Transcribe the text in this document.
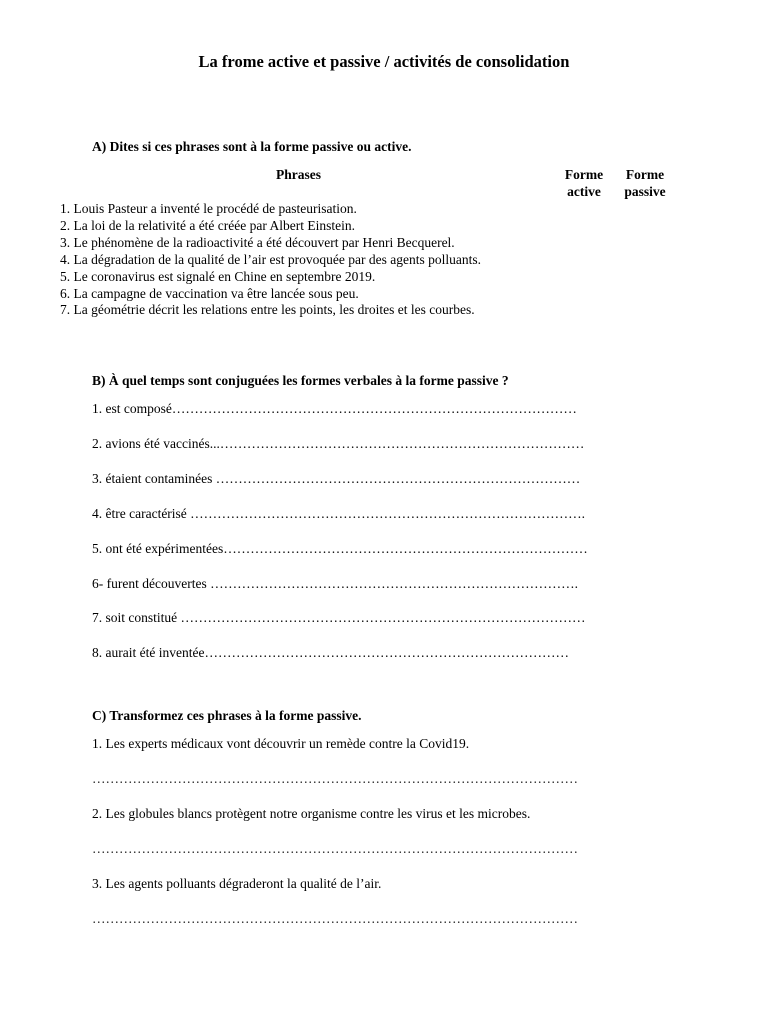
La frome active et passive / activités de consolidation
A) Dites si ces phrases sont à la forme passive ou active.
Phrases	Forme
active
Forme
passive
1. Louis Pasteur a inventé le procédé de pasteurisation.
2. La loi de la relativité a été créée par Albert Einstein.
3. Le phénomène de la radioactivité a été découvert par Henri Becquerel.
4. La dégradation de la qualité de l’air est provoquée par des agents polluants.
5. Le coronavirus est signalé en Chine en septembre 2019.
6. La campagne de vaccination va être lancée sous peu.
7. La géométrie décrit les relations entre les points, les droites et les courbes.
B) À quel temps sont conjuguées les formes verbales à la forme passive ?
1. est composé………………………………………………………………………………
2. avions été vaccinés...………………………………………………………………………
3. étaient contaminées ………………………………………………………………………
4. être caractérisé …………………………………………………………………………….
5. ont été expérimentées………………………………………………………………………
6- furent découvertes ……………………………………………………………………….
7. soit constitué ………………………………………………………………………………
8. aurait été inventée………………………………………………………………………
C) Transformez ces phrases à la forme passive.
1. Les experts médicaux vont découvrir un remède contre la Covid19.
………………………………………………………………………………………………
2. Les globules blancs protègent notre organisme contre les virus et les microbes.
………………………………………………………………………………………………
3. Les agents polluants dégraderont la qualité de l’air.
………………………………………………………………………………………………
